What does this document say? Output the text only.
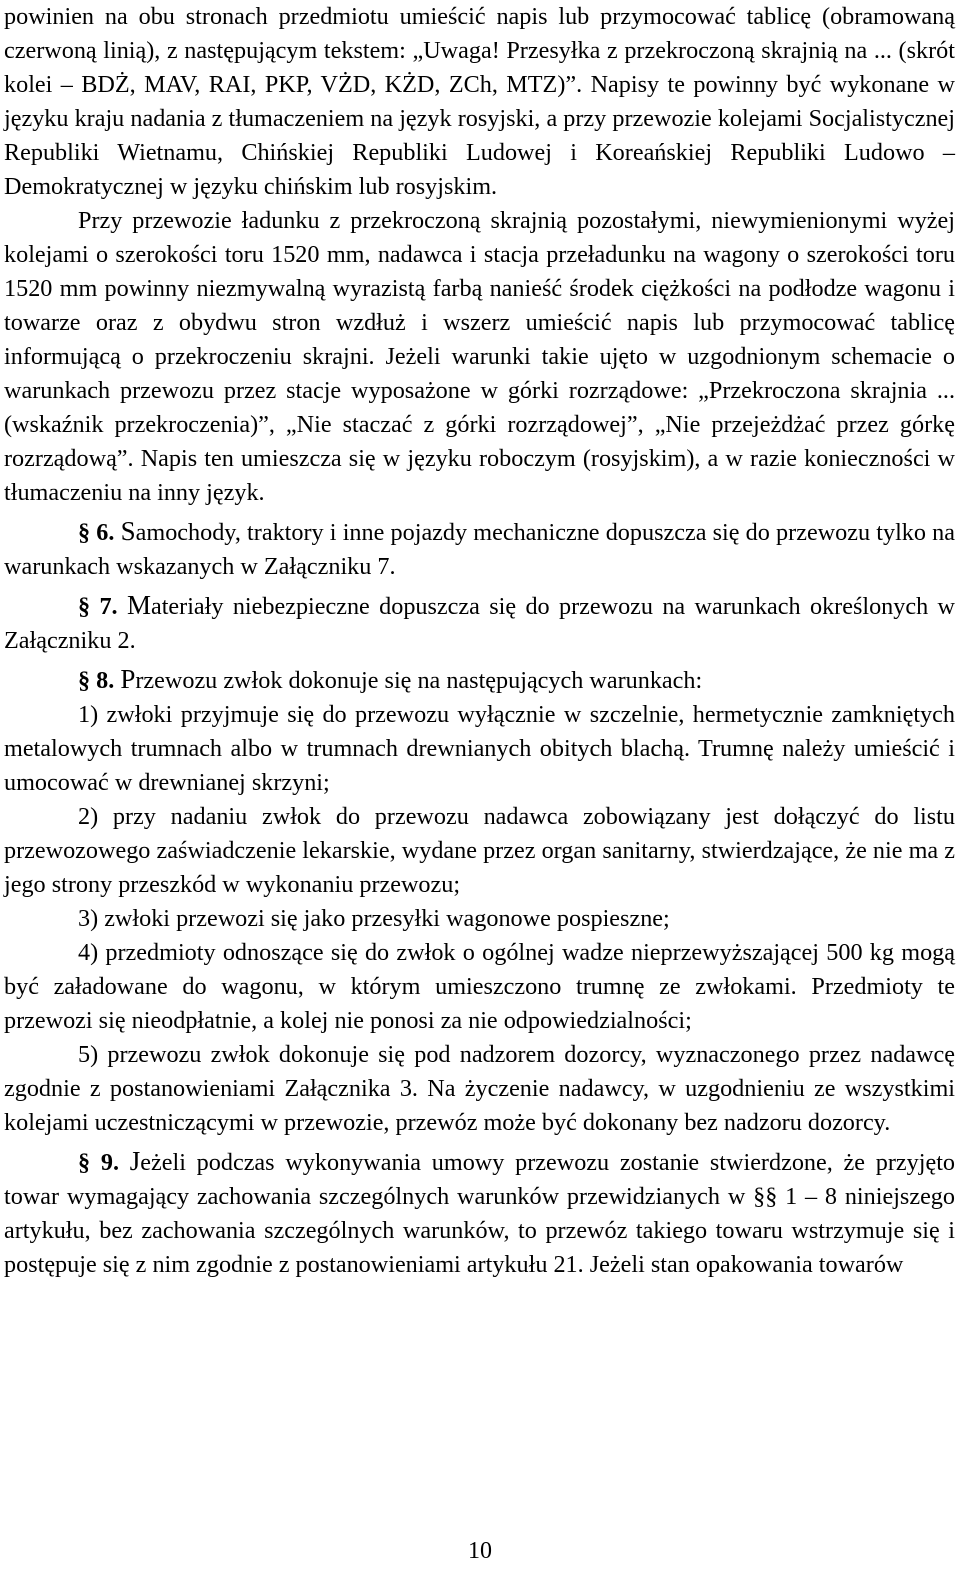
powinien na obu stronach przedmiotu umieścić napis lub przymocować tablicę (obramowaną czerwoną linią), z następującym tekstem: „Uwaga! Przesyłka z przekroczoną skrajnią na ... (skrót kolei – BDŻ, MAV, RAI, PKP, VŻD, KŻD, ZCh, MTZ)”. Napisy te powinny być wykonane w języku kraju nadania z tłumaczeniem na język rosyjski, a przy przewozie kolejami Socjalistycznej Republiki Wietnamu, Chińskiej Republiki Ludowej i Koreańskiej Republiki Ludowo – Demokratycznej w języku chińskim lub rosyjskim.

Przy przewozie ładunku z przekroczoną skrajnią pozostałymi, niewymienionymi wyżej kolejami o szerokości toru 1520 mm, nadawca i stacja przeładunku na wagony o szerokości toru 1520 mm powinny niezmywalną wyrazistą farbą nanieść środek ciężkości na podłodze wagonu i towarze oraz z obydwu stron wzdłuż i wszerz umieścić napis lub przymocować tablicę informującą o przekroczeniu skrajni. Jeżeli warunki takie ujęto w uzgodnionym schemacie o warunkach przewozu przez stacje wyposażone w górki rozrządowe: „Przekroczona skrajnia ... (wskaźnik przekroczenia)”, „Nie staczać z górki rozrządowej”, „Nie przejeżdżać przez górkę rozrządową”. Napis ten umieszcza się w języku roboczym (rosyjskim), a w razie konieczności w tłumaczeniu na inny język.

§ 6. Samochody, traktory i inne pojazdy mechaniczne dopuszcza się do przewozu tylko na warunkach wskazanych w Załączniku 7.

§ 7. Materiały niebezpieczne dopuszcza się do przewozu na warunkach określonych w Załączniku 2.

§ 8. Przewozu zwłok dokonuje się na następujących warunkach:

1) zwłoki przyjmuje się do przewozu wyłącznie w szczelnie, hermetycznie zamkniętych metalowych trumnach albo w trumnach drewnianych obitych blachą. Trumnę należy umieścić i umocować w drewnianej skrzyni;

2) przy nadaniu zwłok do przewozu nadawca zobowiązany jest dołączyć do listu przewozowego zaświadczenie lekarskie, wydane przez organ sanitarny, stwierdzające, że nie ma z jego strony przeszkód w wykonaniu przewozu;

3) zwłoki przewozi się jako przesyłki wagonowe pospieszne;

4) przedmioty odnoszące się do zwłok o ogólnej wadze nieprzewyższającej 500 kg mogą być załadowane do wagonu, w którym umieszczono trumnę ze zwłokami. Przedmioty te przewozi się nieodpłatnie, a kolej nie ponosi za nie odpowiedzialności;

5) przewozu zwłok dokonuje się pod nadzorem dozorcy, wyznaczonego przez nadawcę zgodnie z postanowieniami Załącznika 3. Na życzenie nadawcy, w uzgodnieniu ze wszystkimi kolejami uczestniczącymi w przewozie, przewóz może być dokonany bez nadzoru dozorcy.

§ 9. Jeżeli podczas wykonywania umowy przewozu zostanie stwierdzone, że przyjęto towar wymagający zachowania szczególnych warunków przewidzianych w §§ 1 – 8 niniejszego artykułu, bez zachowania szczególnych warunków, to przewóz takiego towaru wstrzymuje się i postępuje się z nim zgodnie z postanowieniami artykułu 21. Jeżeli stan opakowania towarów

10
